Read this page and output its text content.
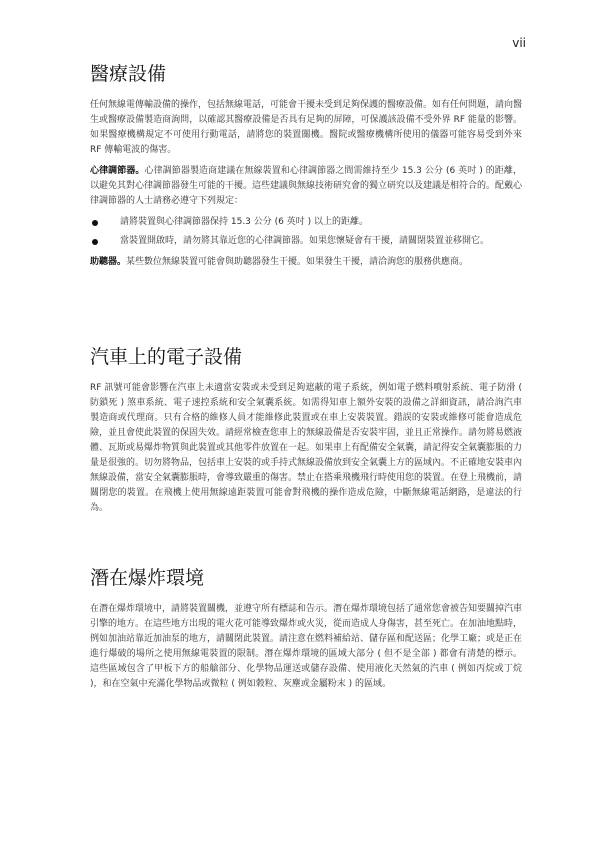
vii
醫療設備

任何無線電傳輸設備的操作，包括無線電話，可能會干擾未受到足夠保護的醫療設備。如有任何問題，請向醫生或醫療設備製造商詢問，以確認其醫療設備是否具有足夠的屏障，可保護該設備不受外界 RF 能量的影響。如果醫療機構規定不可使用行動電話，請將您的裝置關機。醫院或醫療機構所使用的儀器可能容易受到外來 RF 傳輸電波的傷害。

心律調節器。心律調節器製造商建議在無線裝置和心律調節器之間需維持至少 15.3 公分 (6 英吋 ) 的距離，以避免其對心律調節器發生可能的干擾。這些建議與無線技術研究會的獨立研究以及建議是相符合的。配戴心律調節器的人士請務必遵守下列規定：

請將裝置與心律調節器保持 15.3 公分 (6 英吋 ) 以上的距離。
當裝置開啟時，請勿將其靠近您的心律調節器。如果您懷疑會有干擾，請關閉裝置並移開它。

助聽器。某些數位無線裝置可能會與助聽器發生干擾。如果發生干擾，請洽詢您的服務供應商。

汽車上的電子設備

RF 訊號可能會影響在汽車上未適當安裝或未受到足夠遮蔽的電子系統，例如電子燃料噴射系統、電子防滑 ( 防鎖死 ) 煞車系統、電子速控系統和安全氣囊系統。如需得知車上額外安裝的設備之詳細資訊，請洽詢汽車製造商或代理商。只有合格的維修人員才能維修此裝置或在車上安裝裝置。錯誤的安裝或維修可能會造成危險，並且會使此裝置的保固失效。請經常檢查您車上的無線設備是否安裝牢固，並且正常操作。請勿將易燃液體、瓦斯或易爆炸物質與此裝置或其他零件放置在一起。如果車上有配備安全氣囊，請記得安全氣囊膨脹的力量是很強的。切勿將物品，包括車上安裝的或手持式無線設備放到安全氣囊上方的區域內。不正確地安裝車內無線設備，當安全氣囊膨脹時，會導致嚴重的傷害。禁止在搭乘飛機飛行時使用您的裝置。在登上飛機前，請關閉您的裝置。在飛機上使用無線遠距裝置可能會對飛機的操作造成危險，中斷無線電話網路，是違法的行為。

潛在爆炸環境

在潛在爆炸環境中，請將裝置關機，並遵守所有標誌和告示。潛在爆炸環境包括了通常您會被告知要關掉汽車引擎的地方。在這些地方出現的電火花可能導致爆炸或火災，從而造成人身傷害，甚至死亡。在加油地點時，例如加油站靠近加油泵的地方，請關閉此裝置。請注意在燃料補給站、儲存區和配送區；化學工廠；或是正在進行爆破的場所之使用無線電裝置的限制。潛在爆炸環境的區域大部分 ( 但不是全部 ) 都會有清楚的標示。這些區域包含了甲板下方的船艙部分、化學物品運送或儲存設備、使用液化天然氣的汽車 ( 例如丙烷或丁烷 )，和在空氣中充滿化學物品或微粒 ( 例如穀粒、灰塵或金屬粉末 ) 的區域。
